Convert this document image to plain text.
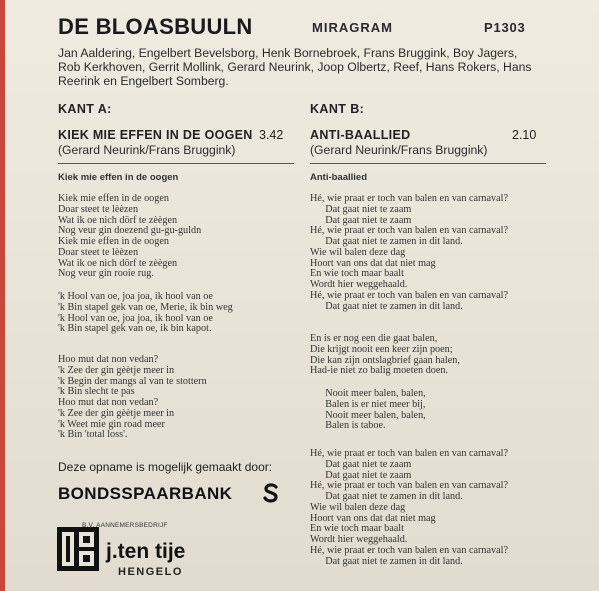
DE BLOASBUULN	MIRAGRAM	P1303
Jan Aaldering, Engelbert Bevelsborg, Henk Bornebroek, Frans Bruggink, Boy Jagers, Rob Kerkhoven, Gerrit Mollink, Gerard Neurink, Joop Olbertz, Reef, Hans Rokers, Hans Reerink en Engelbert Somberg.
KANT A:
KIEK MIE EFFEN IN DE OOGEN 3.42
(Gerard Neurink/Frans Bruggink)
KANT B:
ANTI-BAALLIED	2.10
(Gerard Neurink/Frans Bruggink)
Kiek mie effen in de oogen
Kiek mie effen in de oogen
Doar steet te lèèzen
Wat ik oe nich dörf te zèègen
Nog veur gin doezend gu-gu-guldn
Kiek mie effen in de oogen
Doar steet te lèèzen
Wat ik oe nich dörf te zèègen
Nog veur gin rooie rug.
'k Hool van oe, joa joa, ik hool van oe
'k Bin stapel gek van oe, Merie, ik bin weg
'k Hool van oe, joa joa, ik hool van oe
'k Bin stapel gek van oe, ik bin kapot.
Hoo mut dat non vedan?
'k Zee der gin gèètje meer in
'k Begin der mangs al van te stottern
'k Bin slecht te pas
Hoo mut dat non vedan?
'k Zee der gin gèètje meer in
'k Weet mie gin road meer
'k Bin 'total loss'.
Anti-baallied
Hé, wie praat er toch van balen en van carnaval?
Dat gaat niet te zaam
Dat gaat niet te zaam
Hé, wie praat er toch van balen en van carnaval?
Dat gaat niet te zamen in dit land.
Wie wil balen deze dag
Hoort van ons dat dat niet mag
En wie toch maar baalt
Wordt hier weggehaald.
Hé, wie praat er toch van balen en van carnaval?
Dat gaat niet te zamen in dit land.
En is er nog een die gaat balen,
Die krijgt nooit een keer zijn poen;
Die kan zijn ontslagbrief gaan halen,
Had-ie niet zo balig moeten doen.
Nooit meer balen, balen,
Balen is er niet meer bij,
Nooit meer balen, balen,
Balen is taboe.
Hé, wie praat er toch van balen en van carnaval?
Dat gaat niet te zaam
Dat gaat niet te zaam
Hé, wie praat er toch van balen en van carnaval?
Dat gaat niet te zamen in dit land.
Wie wil balen deze dag
Hoort van ons dat dat niet mag
En wie toch maar baalt
Wordt hier weggehaald.
Hé, wie praat er toch van balen en van carnaval?
Dat gaat niet te zamen in dit land.
Deze opname is mogelijk gemaakt door:
BONDSSPAARBANK
B.V. AANNEMERSBEDRIJF
j.ten tije
HENGELO
